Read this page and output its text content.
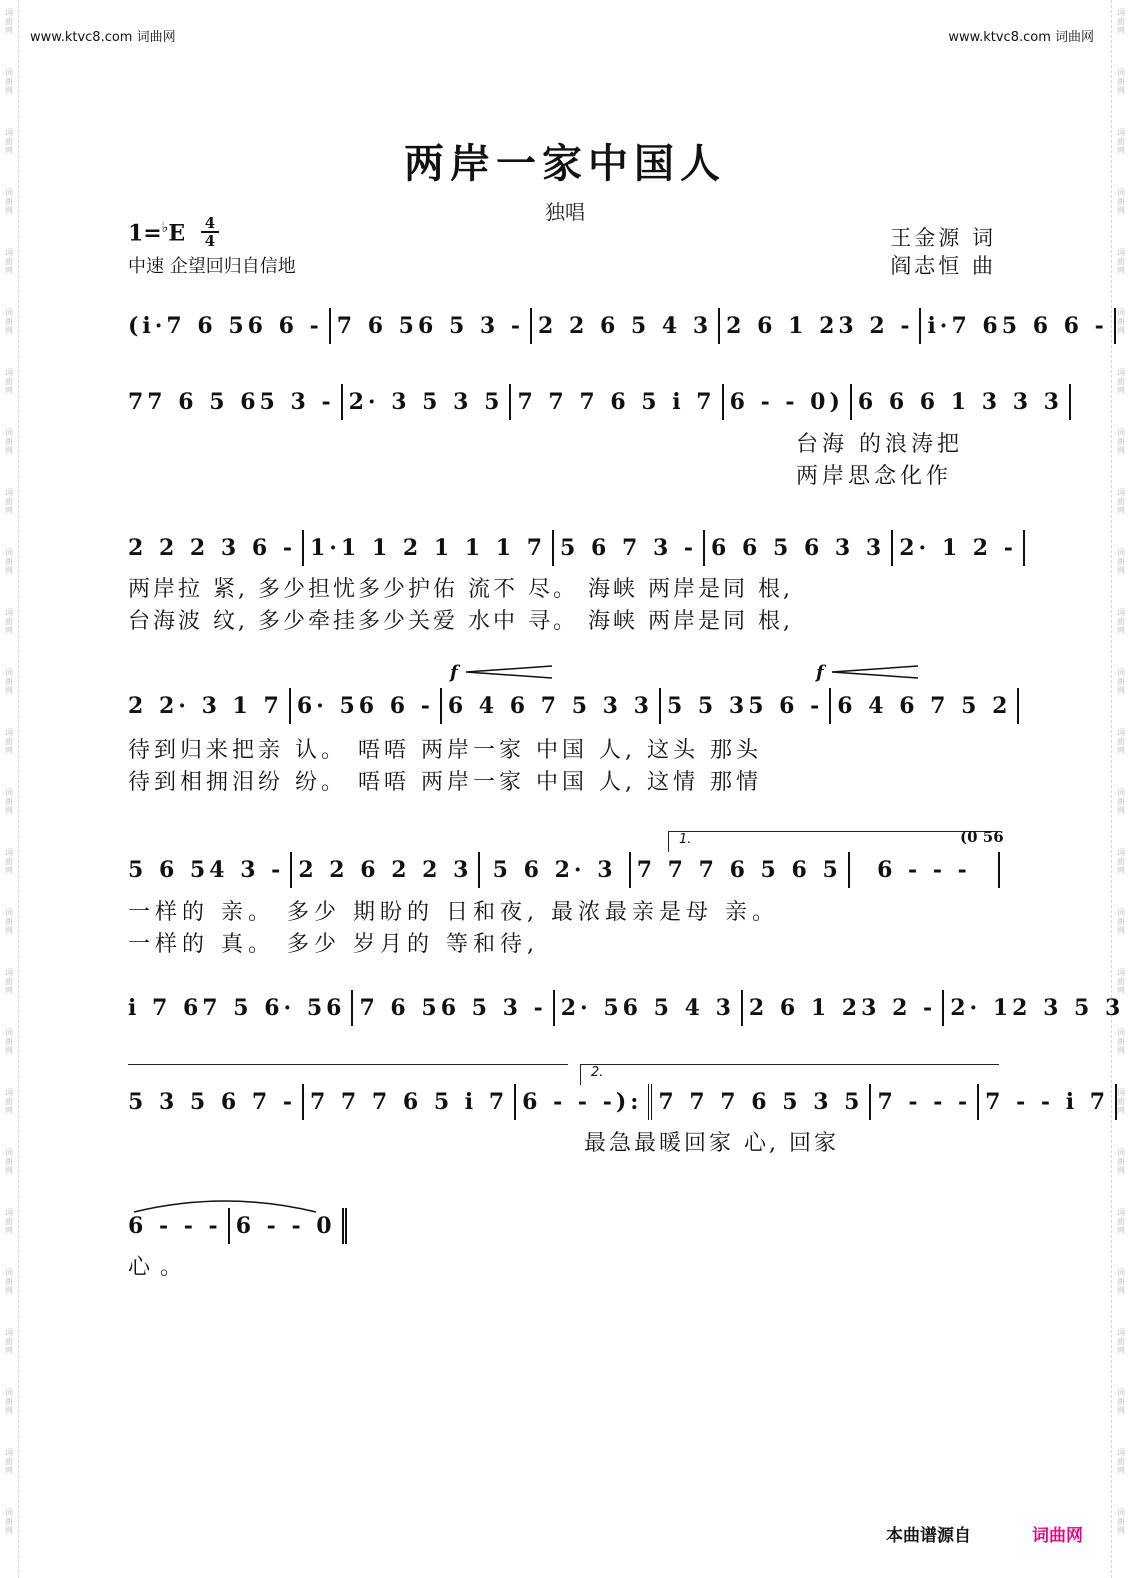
词
曲
网
词
曲
网
词
曲
网
词
曲
网
词
曲
网
词
曲
网
词
曲
网
词
曲
网
词
曲
网
词
曲
网
词
曲
网
词
曲
网
词
曲
网
词
曲
网
词
曲
网
词
曲
网
词
曲
网
词
曲
网
词
曲
网
词
曲
网
词
曲
网
词
曲
网
词
曲
网
词
曲
网
词
曲
网
词
曲
网
词
曲
网
词
曲
网
词
曲
网
词
曲
网
词
曲
网
词
曲
网
词
曲
网
词
曲
网
词
曲
网
词
曲
网
词
曲
网
词
曲
网
词
曲
网
词
曲
网
词
曲
网
词
曲
网
词
曲
网
词
曲
网
词
曲
网
词
曲
网
词
曲
网
词
曲
网
词
曲
网
词
曲
网
词
曲
网
词
曲
网
www.ktvc8.com 词曲网	www.ktvc8.com 词曲网
两岸一家中国人
独唱
1=♭E 4
4
中速 企望回归自信地
王金源 词
阎志恒 曲
(i·7 6 56 6 - 7 6 56 5 3 - 2 2 6 5 4 3 2 6 1 23 2 - i·7 65 6 6 -
77 6 5 65 3 - 2· 3 5 3 5 7 7 7 6 5 i 7 6 - - 0) 6 6 6 1 3 3 3
台海 的浪涛把
两岸思念化作
2 2 2 3 6 - 1·1 1 2 1 1 1 7 5 6 7 3 - 6 6 5 6 3 3 2· 1 2 -
两岸拉 紧, 多少担忧多少护佑 流不 尽。 海峡 两岸是同 根,
台海波 纹, 多少牵挂多少关爱 水中 寻。 海峡 两岸是同 根,
f	f
2 2· 3 1 7 6· 56 6 - 6 4 6 7 5 3 3 5 5 35 6 - 6 4 6 7 5 2
待到归来把亲 认。 唔唔 两岸一家 中国 人, 这头 那头
待到相拥泪纷 纷。 唔唔 两岸一家 中国 人, 这情 那情
1.	(0 56
5 6 54 3 - 2 2 6 2 2 3 5 6 2· 3 7 7 7 6 5 6 5	6 - - -
一样的 亲。 多少 期盼的 日和夜, 最浓最亲是母 亲。
一样的 真。 多少 岁月的 等和待,
i 7 67 5 6· 56 7 6 56 5 3 - 2· 56 5 4 3 2 6 1 23 2 - 2· 12 3 5 3
2.
5 3 5 6 7 - 7 7 7 6 5 i 7 6 - - -): 7 7 7 6 5 3 5 7 - - - 7 - - i 7
最急最暖回家 心, 回家
6 - - - 6 - - 0
心。
本曲谱源自	词曲网
